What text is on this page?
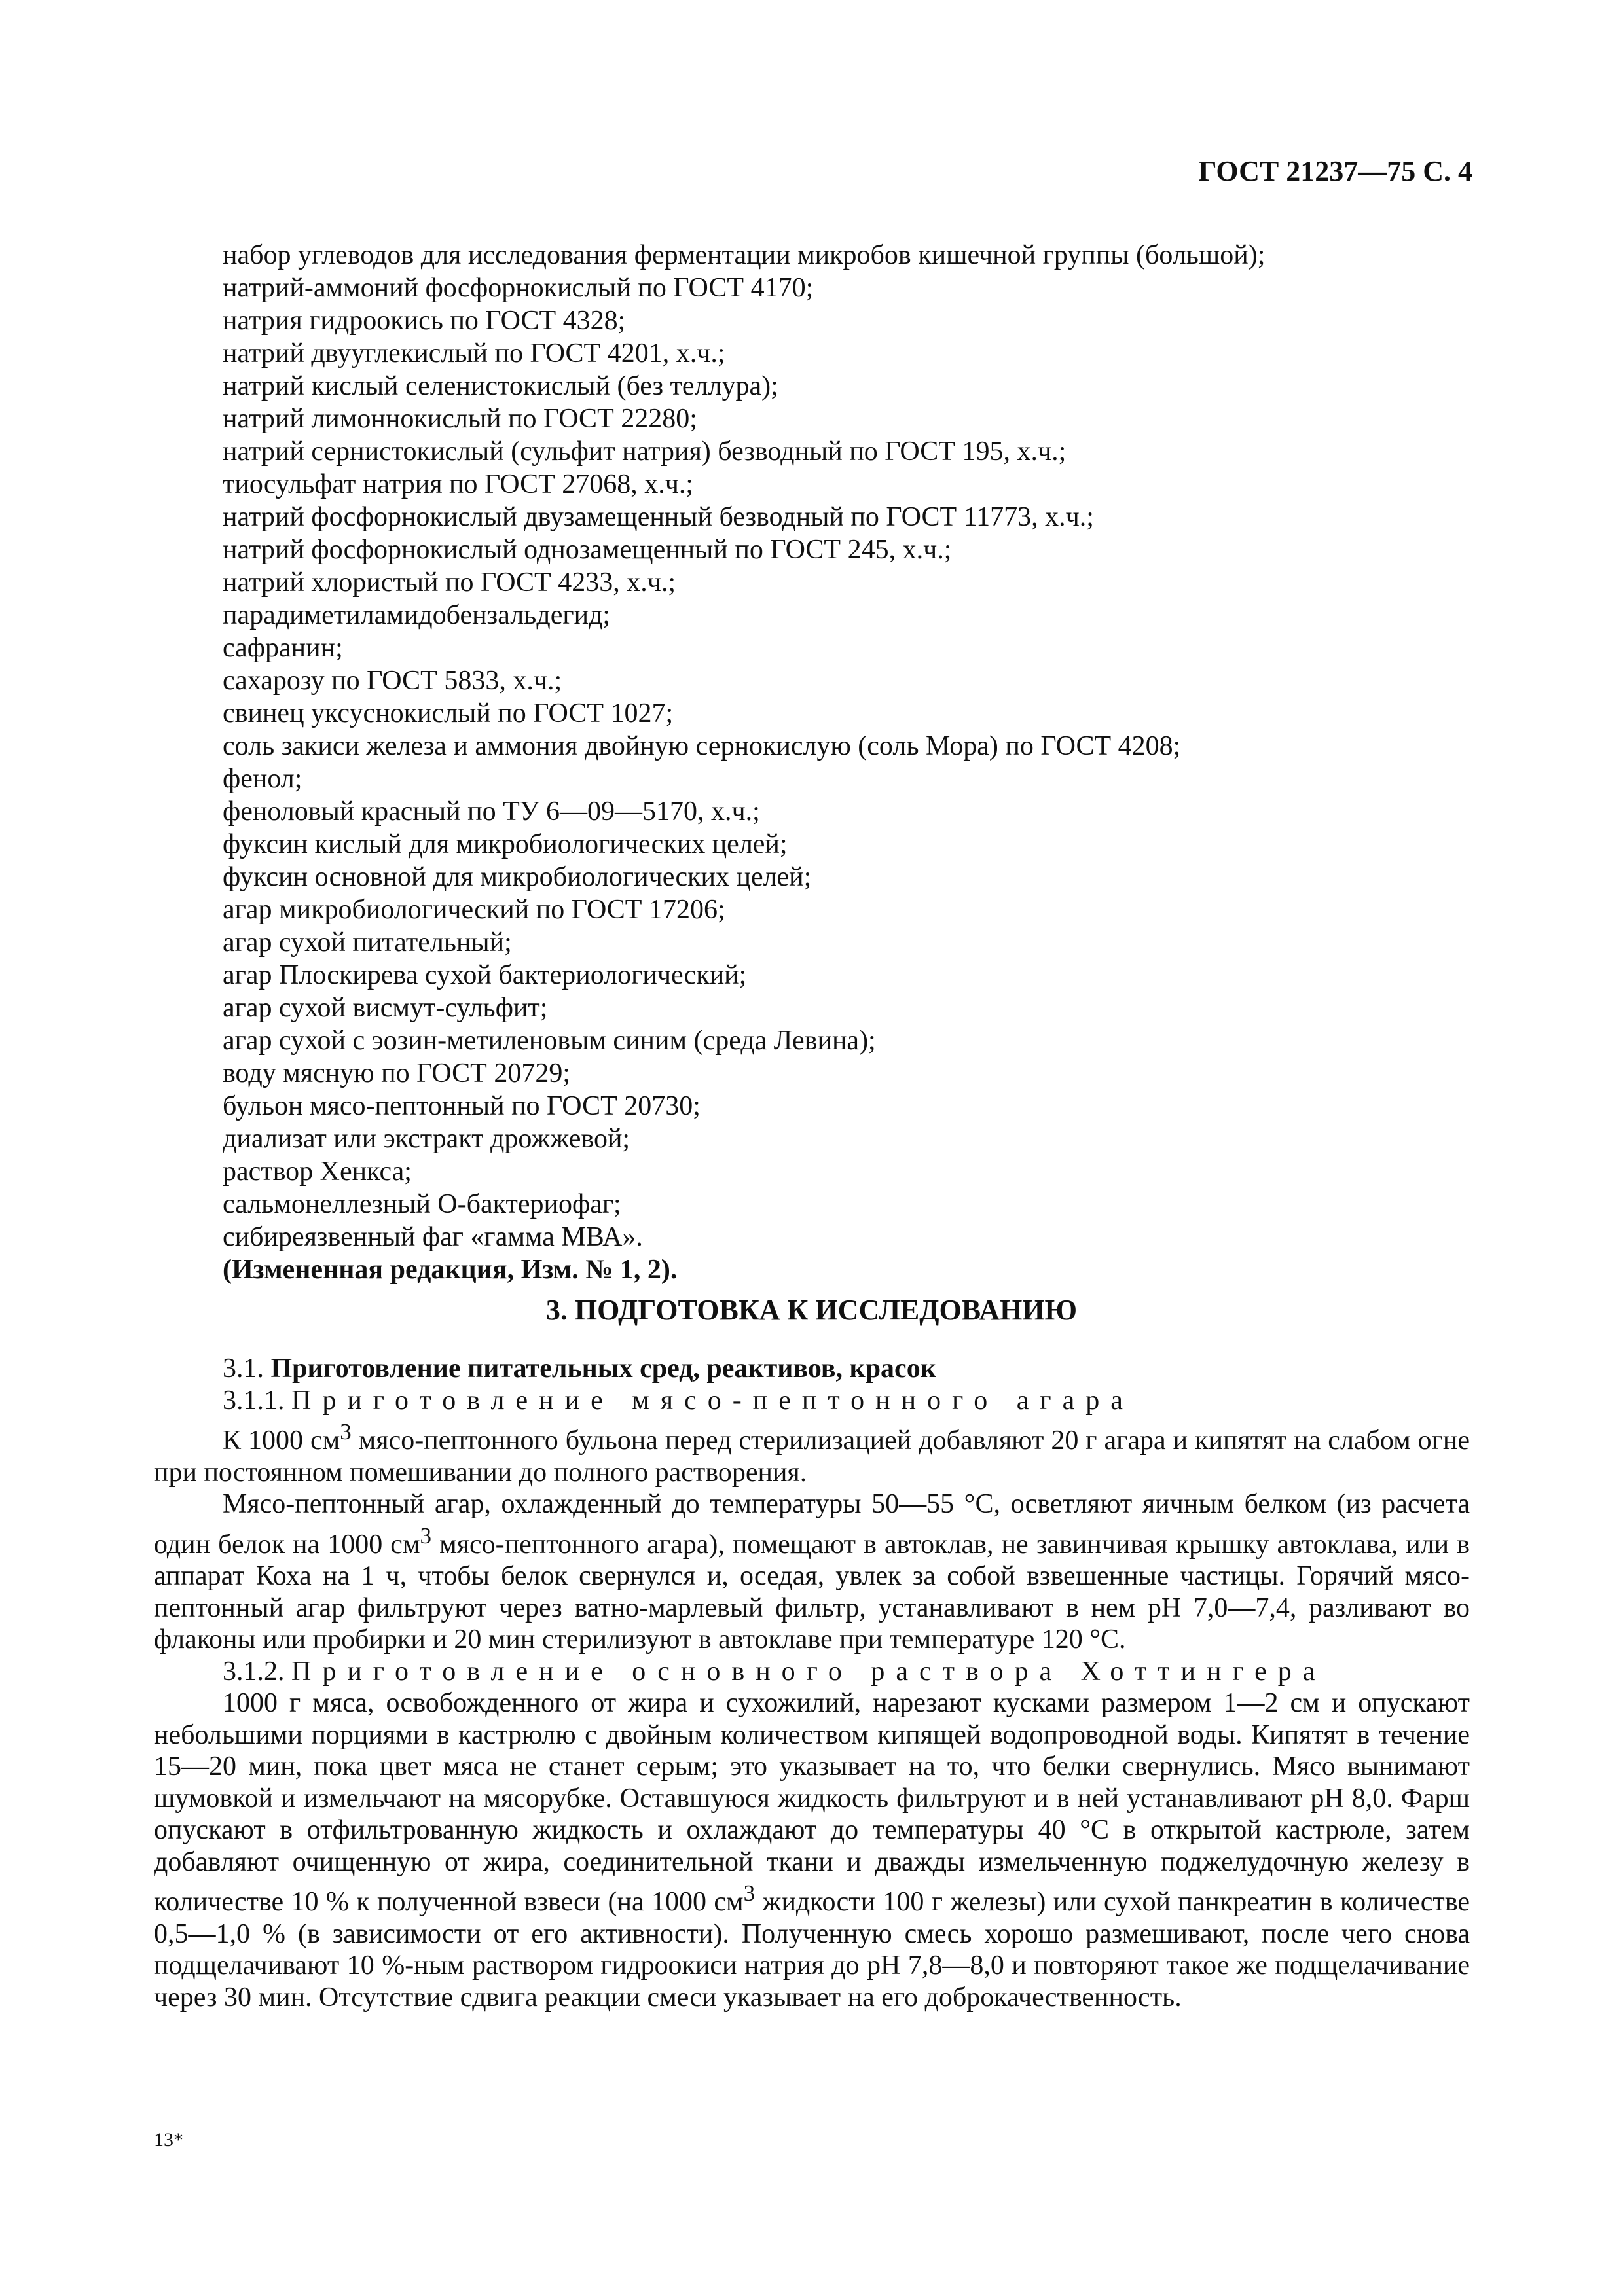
ГОСТ 21237—75 С. 4
набор углеводов для исследования ферментации микробов кишечной группы (большой);
натрий-аммоний фосфорнокислый по ГОСТ 4170;
натрия гидроокись по ГОСТ 4328;
натрий двууглекислый по ГОСТ 4201, х.ч.;
натрий кислый селенистокислый (без теллура);
натрий лимоннокислый по ГОСТ 22280;
натрий сернистокислый (сульфит натрия) безводный по ГОСТ 195, х.ч.;
тиосульфат натрия по ГОСТ 27068, х.ч.;
натрий фосфорнокислый двузамещенный безводный по ГОСТ 11773, х.ч.;
натрий фосфорнокислый однозамещенный по ГОСТ 245, х.ч.;
натрий хлористый по ГОСТ 4233, х.ч.;
парадиметиламидобензальдегид;
сафранин;
сахарозу по ГОСТ 5833, х.ч.;
свинец уксуснокислый по ГОСТ 1027;
соль закиси железа и аммония двойную сернокислую (соль Мора) по ГОСТ 4208;
фенол;
феноловый красный по ТУ 6—09—5170, х.ч.;
фуксин кислый для микробиологических целей;
фуксин основной для микробиологических целей;
агар микробиологический по ГОСТ 17206;
агар сухой питательный;
агар Плоскирева сухой бактериологический;
агар сухой висмут-сульфит;
агар сухой с эозин-метиленовым синим (среда Левина);
воду мясную по ГОСТ 20729;
бульон мясо-пептонный по ГОСТ 20730;
диализат или экстракт дрожжевой;
раствор Хенкса;
сальмонеллезный О-бактериофаг;
сибиреязвенный фаг «гамма МВА».
(Измененная редакция, Изм. № 1, 2).
3. ПОДГОТОВКА К ИССЛЕДОВАНИЮ
3.1. Приготовление питательных сред, реактивов, красок
3.1.1. Приготовление мясо-пептонного агара

К 1000 $см^3$ мясо-пептонного бульона перед стерилизацией добавляют 20 г агара и кипятят на слабом огне при постоянном помешивании до полного растворения.

Мясо-пептонный агар, охлажденный до температуры 50—55 °С, осветляют яичным белком (из расчета один белок на 1000 $см^3$ мясо-пептонного агара), помещают в автоклав, не завинчивая крышку автоклава, или в аппарат Коха на 1 ч, чтобы белок свернулся и, оседая, увлек за собой взвешенные частицы. Горячий мясо-пептонный агар фильтруют через ватно-марлевый фильтр, устанавливают в нем рН 7,0—7,4, разливают во флаконы или пробирки и 20 мин стерилизуют в автоклаве при температуре 120 °С.

3.1.2. Приготовление основного раствора Хоттингера

1000 г мяса, освобожденного от жира и сухожилий, нарезают кусками размером 1—2 см и опускают небольшими порциями в кастрюлю с двойным количеством кипящей водопроводной воды. Кипятят в течение 15—20 мин, пока цвет мяса не станет серым; это указывает на то, что белки свернулись. Мясо вынимают шумовкой и измельчают на мясорубке. Оставшуюся жидкость фильтруют и в ней устанавливают рН 8,0. Фарш опускают в отфильтрованную жидкость и охлаждают до температуры 40 °С в открытой кастрюле, затем добавляют очищенную от жира, соединительной ткани и дважды измельченную поджелудочную железу в количестве 10 % к полученной взвеси (на 1000 $см^3$ жидкости 100 г железы) или сухой панкреатин в количестве 0,5—1,0 % (в зависимости от его активности). Полученную смесь хорошо размешивают, после чего снова подщелачивают 10 %-ным раствором гидроокиси натрия до рН 7,8—8,0 и повторяют такое же подщелачивание через 30 мин. Отсутствие сдвига реакции смеси указывает на его доброкачественность.

13*
